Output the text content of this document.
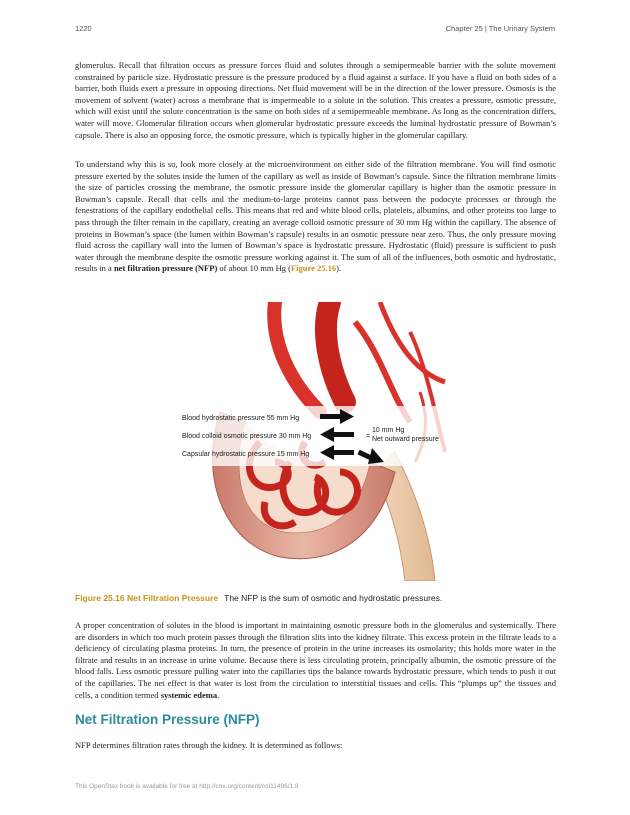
1220	Chapter 25 | The Urinary System

glomerulus. Recall that filtration occurs as pressure forces fluid and solutes through a semipermeable barrier with the solute movement constrained by particle size. Hydrostatic pressure is the pressure produced by a fluid against a surface. If you have a fluid on both sides of a barrier, both fluids exert a pressure in opposing directions. Net fluid movement will be in the direction of the lower pressure. Osmosis is the movement of solvent (water) across a membrane that is impermeable to a solute in the solution. This creates a pressure, osmotic pressure, which will exist until the solute concentration is the same on both sides of a semipermeable membrane. As long as the concentration differs, water will move. Glomerular filtration occurs when glomerular hydrostatic pressure exceeds the luminal hydrostatic pressure of Bowman’s capsule. There is also an opposing force, the osmotic pressure, which is typically higher in the glomerular capillary.

To understand why this is so, look more closely at the microenvironment on either side of the filtration membrane. You will find osmotic pressure exerted by the solutes inside the lumen of the capillary as well as inside of Bowman’s capsule. Since the filtration membrane limits the size of particles crossing the membrane, the osmotic pressure inside the glomerular capillary is higher than the osmotic pressure in Bowman’s capsule. Recall that cells and the medium-to-large proteins cannot pass between the podocyte processes or through the fenestrations of the capillary endothelial cells. This means that red and white blood cells, platelets, albumins, and other proteins too large to pass through the filter remain in the capillary, creating an average colloid osmotic pressure of 30 mm Hg within the capillary. The absence of proteins in Bowman’s space (the lumen within Bowman’s capsule) results in an osmotic pressure near zero. Thus, the only pressure moving fluid across the capillary wall into the lumen of Bowman’s space is hydrostatic pressure. Hydrostatic (fluid) pressure is sufficient to push water through the membrane despite the osmotic pressure working against it. The sum of all of the influences, both osmotic and hydrostatic, results in a net filtration pressure (NFP) of about 10 mm Hg (Figure 25.16).

Blood hydrostatic pressure 55 mm Hg
Blood colloid osmotic pressure 30 mm Hg
Capsular hydrostatic pressure 15 mm Hg
=
10 mm Hg
Net outward pressure
Figure 25.16 Net Filtration Pressure The NFP is the sum of osmotic and hydrostatic pressures.

A proper concentration of solutes in the blood is important in maintaining osmotic pressure both in the glomerulus and systemically. There are disorders in which too much protein passes through the filtration slits into the kidney filtrate. This excess protein in the filtrate leads to a deficiency of circulating plasma proteins. In turn, the presence of protein in the urine increases its osmolarity; this holds more water in the filtrate and results in an increase in urine volume. Because there is less circulating protein, principally albumin, the osmotic pressure of the blood falls. Less osmotic pressure pulling water into the capillaries tips the balance towards hydrostatic pressure, which tends to push it out of the capillaries. The net effect is that water is lost from the circulation to interstitial tissues and cells. This “plumps up” the tissues and cells, a condition termed systemic edema.

Net Filtration Pressure (NFP)

NFP determines filtration rates through the kidney. It is determined as follows:

This OpenStax book is available for free at http://cnx.org/content/col11496/1.8
